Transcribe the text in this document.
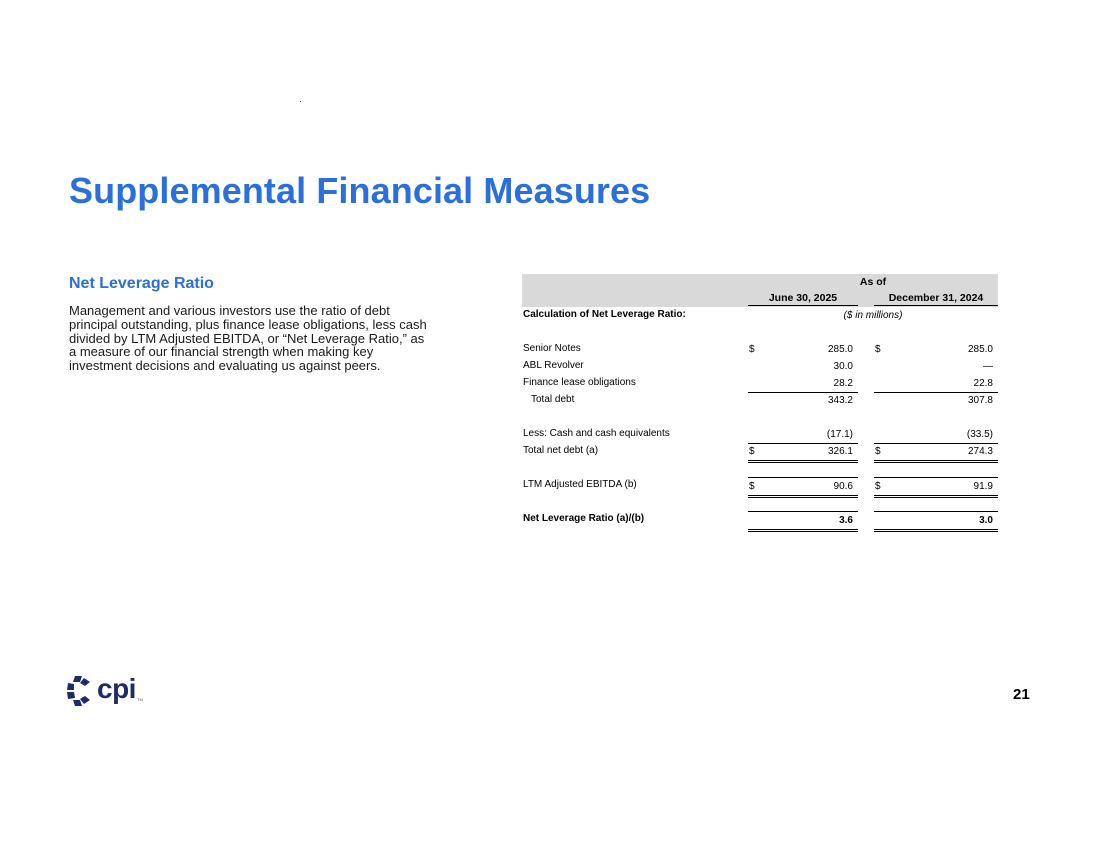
Supplemental Financial Measures
Net Leverage Ratio

Management and various investors use the ratio of debt principal outstanding, plus finance lease obligations, less cash divided by LTM Adjusted EBITDA, or “Net Leverage Ratio,” as a measure of our financial strength when making key investment decisions and evaluating us against peers.

As of
June 30, 2025	December 31, 2024
Calculation of Net Leverage Ratio:	($ in millions)
Senior Notes	$	285.0 $	285.0
ABL Revolver	30.0	—
Finance lease obligations	28.2	22.8
Total debt	343.2	307.8
Less: Cash and cash equivalents	(17.1)	(33.5)
Total net debt (a)	$	326.1 $	274.3
LTM Adjusted EBITDA (b)	$	90.6 $	91.9
Net Leverage Ratio (a)/(b)	3.6	3.0
cpi TM	21
